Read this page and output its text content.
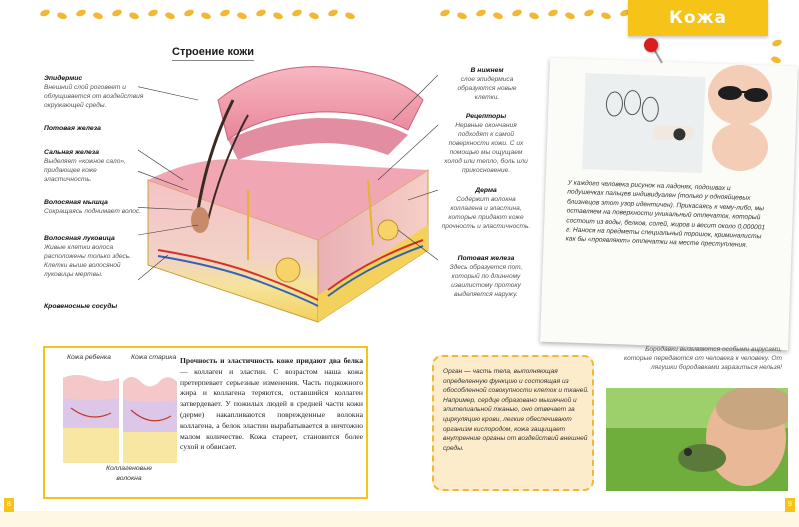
Кожа
Строение кожи
Эпидермис
Внешний слой роговеет и облущивается от воздействия окружающей среды.
Потовая железа
Сальная железа
Выделяет «кожное сало», придающее коже эластичность.
Волосяная мышца
Сокращаясь поднимает волос.
Волосяная луковица
Живые клетки волоса расположены только здесь. Клетки выше волосяной луковицы мертвы.
Кровеносные сосуды
В нижнем
слое эпидермиса образуются новые клетки.
Рецепторы
Нервные окончания подходят к самой поверхности кожи. С их помощью мы ощущаем холод или тепло, боль или прикосновение.
Дерма
Содержит волокна коллагена и эластина, которые придают коже прочность и эластичность.
Потовая железа
Здесь образуется пот, который по длинному извилистому протоку выделяется наружу.
У каждого человека рисунок на ладонях, подошвах и подушечках пальцев индивидуален (только у однояйцевых близнецов этот узор идентичен). Прикасаясь к чему-либо, мы оставляем на поверхности уникальный отпечаток, который состоит из воды, белков, солей, жиров и весит около 0,000001 г. Нанося на предметы специальный порошок, криминалисты как бы «проявляют» отпечатки на месте преступления.
Кожа ребенка	Кожа старика
Коллагеновые волокна
Прочность и эластичность коже придают два белка — коллаген и эластин. С возрастом наша кожа претерпевает серьезные изменения. Часть подкожного жира и коллагена теряются, оставшийся коллаген затвердевает. У пожилых людей в средней части кожи (дерме) накапливаются поврежденные волокна коллагена, а белок эластин вырабатывается в ничтожно малом количестве. Кожа стареет, становится более сухой и обвисает.

Орган — часть тела, выполняющая определенную функцию и состоящая из обособленной совокупности клеток и тканей. Например, сердце образовано мышечной и эпителиальной тканью, оно отвечает за циркуляцию крови, легкие обеспечивают организм кислородом, кожа защищает внутренние органы от воздействий внешней среды.

Бородавки вызываются особыми вирусами, которые передаются от человека к человеку. От лягушки бородавками заразиться нельзя!
8	9
